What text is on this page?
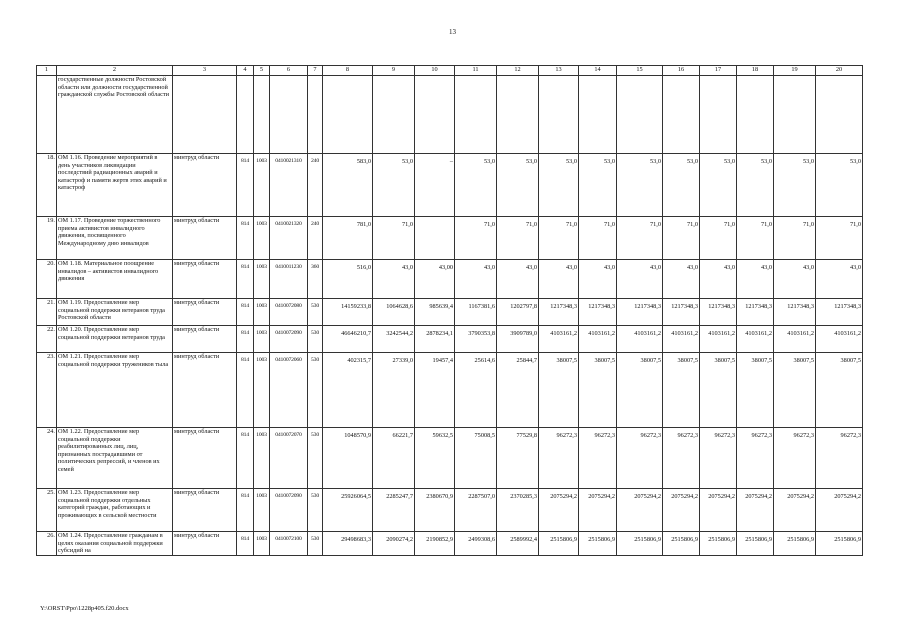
13
1	2	3	4	5	6	7	8	9	10	11	12	13	14	15	16	17	18	19	20
	государственные должности Ростовской области или должности государственной гражданской службы Ростовской области																		
18.	ОМ 1.16. Проведение мероприятий в день участников ликвидации последствий радиационных аварий и катастроф и памяти жертв этих аварий и катастроф	минтруд области	814	1003	0410021310	240	583,0	53,0	–	53,0	53,0	53,0	53,0	53,0	53,0	53,0	53,0	53,0	53,0
19.	ОМ 1.17. Проведение торжественного приема активистов инвалидного движения, посвященного Международному дню инвалидов	минтруд области	814	1003	0410021320	240	781,0	71,0		71,0	71,0	71,0	71,0	71,0	71,0	71,0	71,0	71,0	71,0
20.	ОМ 1.18. Материальное поощрение инвалидов – активистов инвалидного движения	минтруд области	814	1003	0410011230	360	516,0	43,0	43,00	43,0	43,0	43,0	43,0	43,0	43,0	43,0	43,0	43,0	43,0
21.	ОМ 1.19. Предоставление мер социальной поддержки ветеранов труда Ростовской области	минтруд области	814	1003	0410072080	530	14159233,8	1064628,6	985639,4	1167381,6	1202797,8	1217348,3	1217348,3	1217348,3	1217348,3	1217348,3	1217348,3	1217348,3	1217348,3
22.	ОМ 1.20. Предоставление мер социальной поддержки ветеранов труда	минтруд области	814	1003	0410072090	530	46646210,7	3242544,2	2878234,1	3790353,8	3909789,0	4103161,2	4103161,2	4103161,2	4103161,2	4103161,2	4103161,2	4103161,2	4103161,2
23.	ОМ 1.21. Предоставление мер социальной поддержки тружеников тыла	минтруд области	814	1003	0410072060	530	402315,7	27339,0	19457,4	25614,6	25844,7	38007,5	38007,5	38007,5	38007,5	38007,5	38007,5	38007,5	38007,5
24.	ОМ 1.22. Предоставление мер социальной поддержки реабилитированных лиц, лиц, признанных пострадавшими от политических репрессий, и членов их семей	минтруд области	814	1003	0410072070	530	1048570,9	66221,7	59632,5	75008,5	77529,8	96272,3	96272,3	96272,3	96272,3	96272,3	96272,3	96272,3	96272,3
25.	ОМ 1.23. Предоставление мер социальной поддержки отдельных категорий граждан, работающих и проживающих в сельской местности	минтруд области	814	1003	0410072090	530	25926064,5	2285247,7	2380670,9	2287507,0	2370285,3	2075294,2	2075294,2	2075294,2	2075294,2	2075294,2	2075294,2	2075294,2	2075294,2
26.	ОМ 1.24. Предоставление гражданам в целях оказания социальной поддержки субсидий на	минтруд области	814	1003	0410072100	530	29498683,3	2090274,2	2190852,9	2499308,6	2589992,4	2515806,9	2515806,9	2515806,9	2515806,9	2515806,9	2515806,9	2515806,9	2515806,9
Y:\ORST\Ppo\1228p405.f20.docx
